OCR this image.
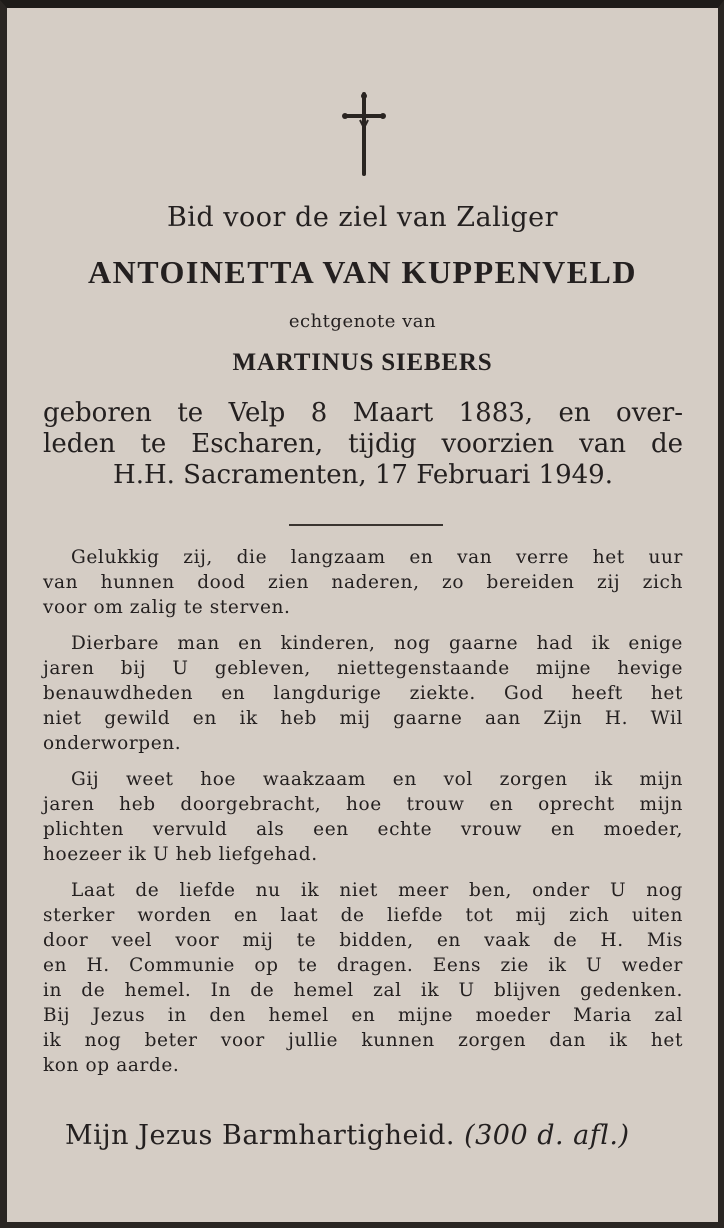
Bid voor de ziel van Zaliger
ANTOINETTA VAN KUPPENVELD
echtgenote van
MARTINUS SIEBERS
geboren te Velp 8 Maart 1883, en over-
leden te Escharen, tijdig voorzien van de
H.H. Sacramenten, 17 Februari 1949.
Gelukkig zij, die langzaam en van verre het uur
van hunnen dood zien naderen, zo bereiden zij zich
voor om zalig te sterven.
Dierbare man en kinderen, nog gaarne had ik enige
jaren bij U gebleven, niettegenstaande mijne hevige
benauwdheden en langdurige ziekte. God heeft het
niet gewild en ik heb mij gaarne aan Zijn H. Wil
onderworpen.
Gij weet hoe waakzaam en vol zorgen ik mijn
jaren heb doorgebracht, hoe trouw en oprecht mijn
plichten vervuld als een echte vrouw en moeder,
hoezeer ik U heb liefgehad.
Laat de liefde nu ik niet meer ben, onder U nog
sterker worden en laat de liefde tot mij zich uiten
door veel voor mij te bidden, en vaak de H. Mis
en H. Communie op te dragen. Eens zie ik U weder
in de hemel. In de hemel zal ik U blijven gedenken.
Bij Jezus in den hemel en mijne moeder Maria zal
ik nog beter voor jullie kunnen zorgen dan ik het
kon op aarde.
Mijn Jezus Barmhartigheid. (300 d. afl.)
